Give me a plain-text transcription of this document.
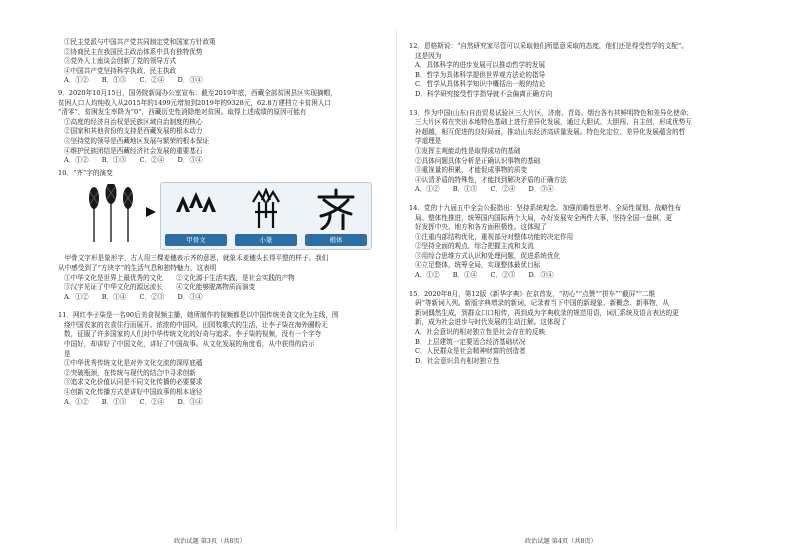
①民主党派与中国共产党共同制定党和国家方针政策
②协商民主在我国民主政治体系中具有独特优势
③党外人士座谈会创新了党的领导方式
④中国共产党坚持科学执政、民主执政
A．①②　　B．①③　　C．②④　　D．③④
9．2020年10月15日，国务院新闻办公室宣布：截至2019年底，西藏全部贫困县区实现摘帽，
贫困人口人均纯收入从2015年的1499元增加到2019年的9328元，62.8万建档立卡贫困人口
“清零”，贫困发生率降为“0”，西藏历史性消除绝对贫困。取得上述成绩的原因可能有
①高度的经济自治权是民族区域自治制度的核心
②国家和其他省份的支持是西藏发展的根本动力
③坚持党的领导是西藏地区发展与繁荣的根本保证
④维护民族团结是西藏经济社会发展的重要基石
A．①②　　B．①③　　C．②④　　D．③④
10．“齐”字的演变
甲骨文	小篆	楷体
　甲骨文字形是象形字，古人用三棵麦穗表示齐的意思，就象禾麦穗头长得平整的样子。我们
从中感受到了“方块字”的生活气息和独特魅力，这表明
①中华文化是世界上最优秀的文化　　②文化源于生活实践，是社会实践的产物
③汉字见证了中华文化的源远流长　　④文化能够脱离物质而演变
A．①②　　B．①④　　C．②③　　D．③④
11．网红李子柒是一名90后美食视频主播，她所制作的视频都是以中国传统美食文化为主线，围
绕中国农家的衣食住行而展开。浓浓的中国风，田园牧歌式的生活，让李子柒在海外圈粉无
数，征服了许多国家的人们对中华传统文化的好奇与追求。李子柒的视频，没有一个字夸
中国好，却讲好了中国文化，讲好了中国故事。从文化发展的角度看，从中获得的启示
是
①中华优秀传统文化是对外文化交流的深厚底蕴
②突破瓶颈，在传统与现代的结合中寻求创新
③追求文化价值认同是不同文化传播的必要要求
④创新文化传播方式是讲好中国故事的根本途径
A．①②　　B．①③　　C．②④　　D．③④
政治试题 第3页（共8页）
12．恩格斯说：“自然研究家尽管可以采取他们所愿意采取的态度，他们还是得受哲学的支配”。
这是因为
A．具体科学的进步发展可以推动哲学的发展
B．哲学为具体科学提供世界观方法论的指导
C．哲学从具体科学知识中概括出一般的结论
D．科学研究接受哲学指导就不会偏离正确方向
13．作为中国(山东)自由贸易试验区三大片区，济南、青岛、烟台各有其鲜明特色和差异化使命；
三大片区将在突出本地特色基础上进行差异化发展，通过大胆试、大胆闯、自主创，形成优势互
补超越，相互促进的良好局面，推动山东经济高质量发展。特色化定位、差异化发展蕴含的哲
学道理是
①发挥主观能动性是取得成功的基础
②具体问题具体分析是正确认识事物的基础
③重视量的积累，才能促成事物的质变
④认清矛盾的特殊性，才能找到解决矛盾的正确方法
A．①②　　B．①③　　C．②④　　D．③④
14．党的十九届五中全会公报指出：坚持系统观念。加强前瞻性思考、全局性谋划、战略性布
局、整体性推进，统筹国内国际两个大局，办好发展安全两件大事，坚持全国一盘棋，更
好发挥中央、地方和各方面积极性。这体现了
①注重内部结构优化，重视部分对整体功能的决定作用
②坚持全面的观点，综合把握主流和支流
③用综合思维方式认识和处理问题，促进系统优化
④立足整体，统筹全局，实现整体最优目标
A．①②　　B．①④　　C．②③　　D．③④
15．2020年8月，第12版《新华字典》在京首发，“初心”“点赞”“拼车”“截屏”“二维
码”等新词入列。新版字典增录的新词，记录着当下中国的新现象、新概念、新事物，从
新词偶然生成，到群众口口相传，再到成为字典收录的规范用语，词汇系统及语言表达的更
新，成为社会进步与时代发展的生动注解。这体现了
A．社会意识的相对独立性是社会存在的反映
B．上层建筑一定要适合经济基础状况
C．人民群众是社会精神财富的创造者
D．社会意识具有相对独立性
政治试题 第4页（共8页）
